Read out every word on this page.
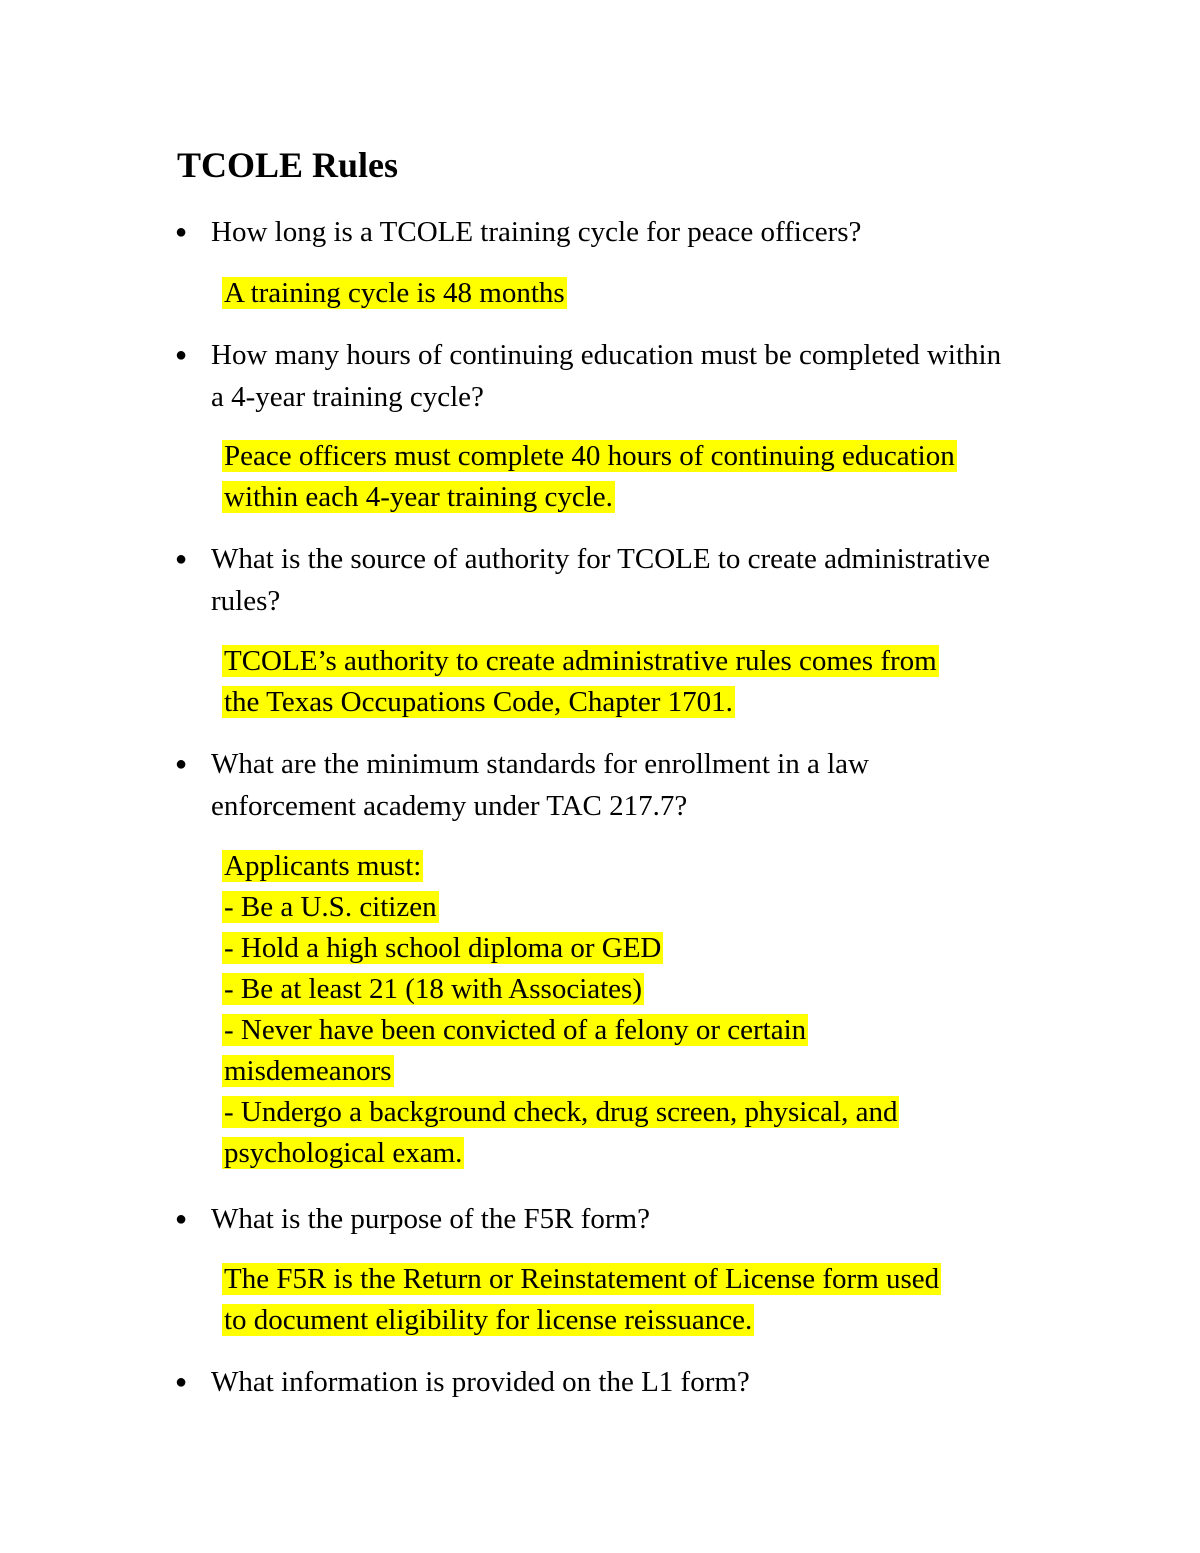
TCOLE Rules

● How long is a TCOLE training cycle for peace officers?

A training cycle is 48 months

● How many hours of continuing education must be completed within a 4-year training cycle?

Peace officers must complete 40 hours of continuing education
within each 4-year training cycle.

● What is the source of authority for TCOLE to create administrative rules?

TCOLE’s authority to create administrative rules comes from
the Texas Occupations Code, Chapter 1701.

● What are the minimum standards for enrollment in a law enforcement academy under TAC 217.7?

Applicants must:
- Be a U.S. citizen
- Hold a high school diploma or GED
- Be at least 21 (18 with Associates)
- Never have been convicted of a felony or certain
misdemeanors
- Undergo a background check, drug screen, physical, and
psychological exam.

● What is the purpose of the F5R form?

The F5R is the Return or Reinstatement of License form used
to document eligibility for license reissuance.

● What information is provided on the L1 form?
